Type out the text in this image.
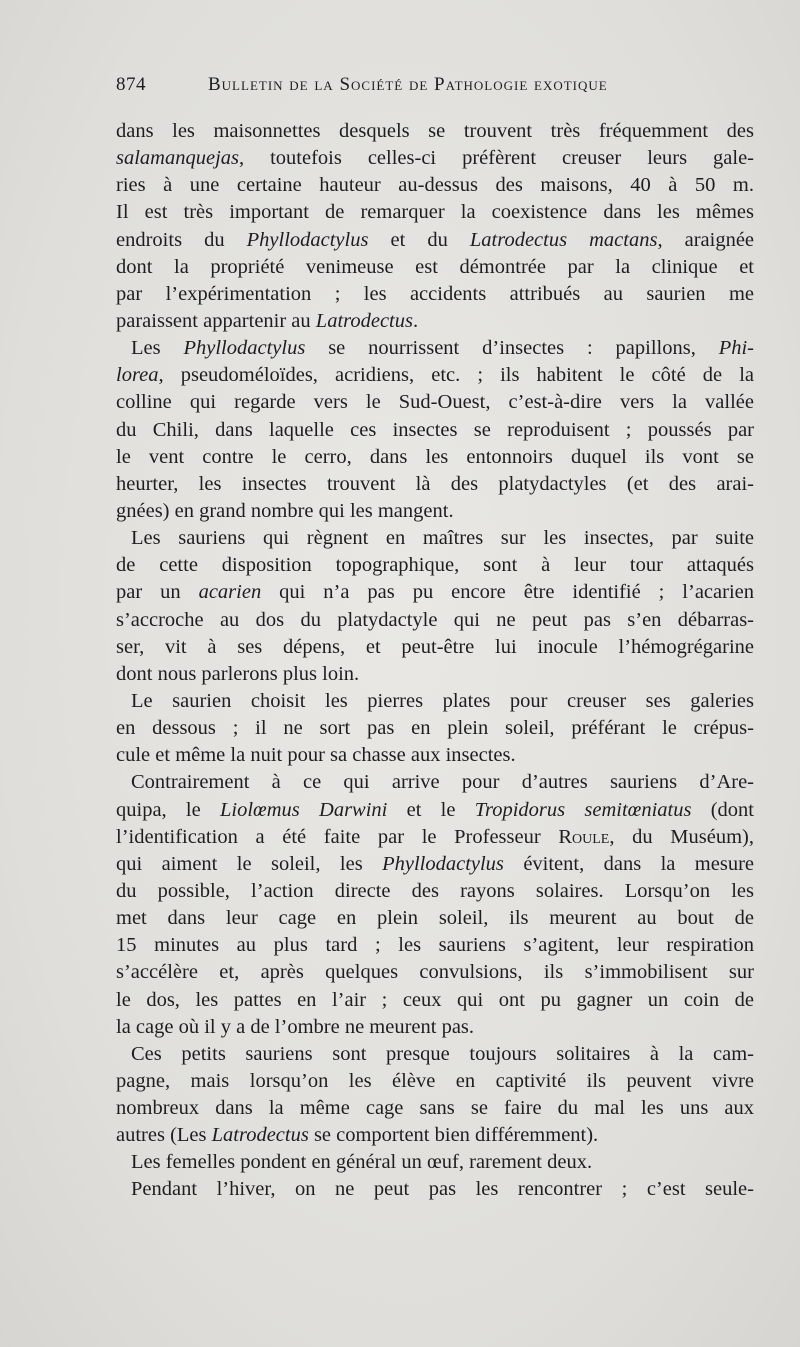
874	Bulletin de la Société de Pathologie exotique
dans les maisonnettes desquels se trouvent très fréquemment des
salamanquejas, toutefois celles-ci préfèrent creuser leurs gale-
ries à une certaine hauteur au-dessus des maisons, 40 à 50 m.
Il est très important de remarquer la coexistence dans les mêmes
endroits du Phyllodactylus et du Latrodectus mactans, araignée
dont la propriété venimeuse est démontrée par la clinique et
par l’expérimentation ; les accidents attribués au saurien me
paraissent appartenir au Latrodectus.
Les Phyllodactylus se nourrissent d’insectes : papillons, Phi-
lorea, pseudoméloïdes, acridiens, etc. ; ils habitent le côté de la
colline qui regarde vers le Sud-Ouest, c’est-à-dire vers la vallée
du Chili, dans laquelle ces insectes se reproduisent ; poussés par
le vent contre le cerro, dans les entonnoirs duquel ils vont se
heurter, les insectes trouvent là des platydactyles (et des arai-
gnées) en grand nombre qui les mangent.
Les sauriens qui règnent en maîtres sur les insectes, par suite
de cette disposition topographique, sont à leur tour attaqués
par un acarien qui n’a pas pu encore être identifié ; l’acarien
s’accroche au dos du platydactyle qui ne peut pas s’en débarras-
ser, vit à ses dépens, et peut-être lui inocule l’hémogrégarine
dont nous parlerons plus loin.
Le saurien choisit les pierres plates pour creuser ses galeries
en dessous ; il ne sort pas en plein soleil, préférant le crépus-
cule et même la nuit pour sa chasse aux insectes.
Contrairement à ce qui arrive pour d’autres sauriens d’Are-
quipa, le Liolœmus Darwini et le Tropidorus semitœniatus (dont
l’identification a été faite par le Professeur Roule, du Muséum),
qui aiment le soleil, les Phyllodactylus évitent, dans la mesure
du possible, l’action directe des rayons solaires. Lorsqu’on les
met dans leur cage en plein soleil, ils meurent au bout de
15 minutes au plus tard ; les sauriens s’agitent, leur respiration
s’accélère et, après quelques convulsions, ils s’immobilisent sur
le dos, les pattes en l’air ; ceux qui ont pu gagner un coin de
la cage où il y a de l’ombre ne meurent pas.
Ces petits sauriens sont presque toujours solitaires à la cam-
pagne, mais lorsqu’on les élève en captivité ils peuvent vivre
nombreux dans la même cage sans se faire du mal les uns aux
autres (Les Latrodectus se comportent bien différemment).
Les femelles pondent en général un œuf, rarement deux.
Pendant l’hiver, on ne peut pas les rencontrer ; c’est seule-
